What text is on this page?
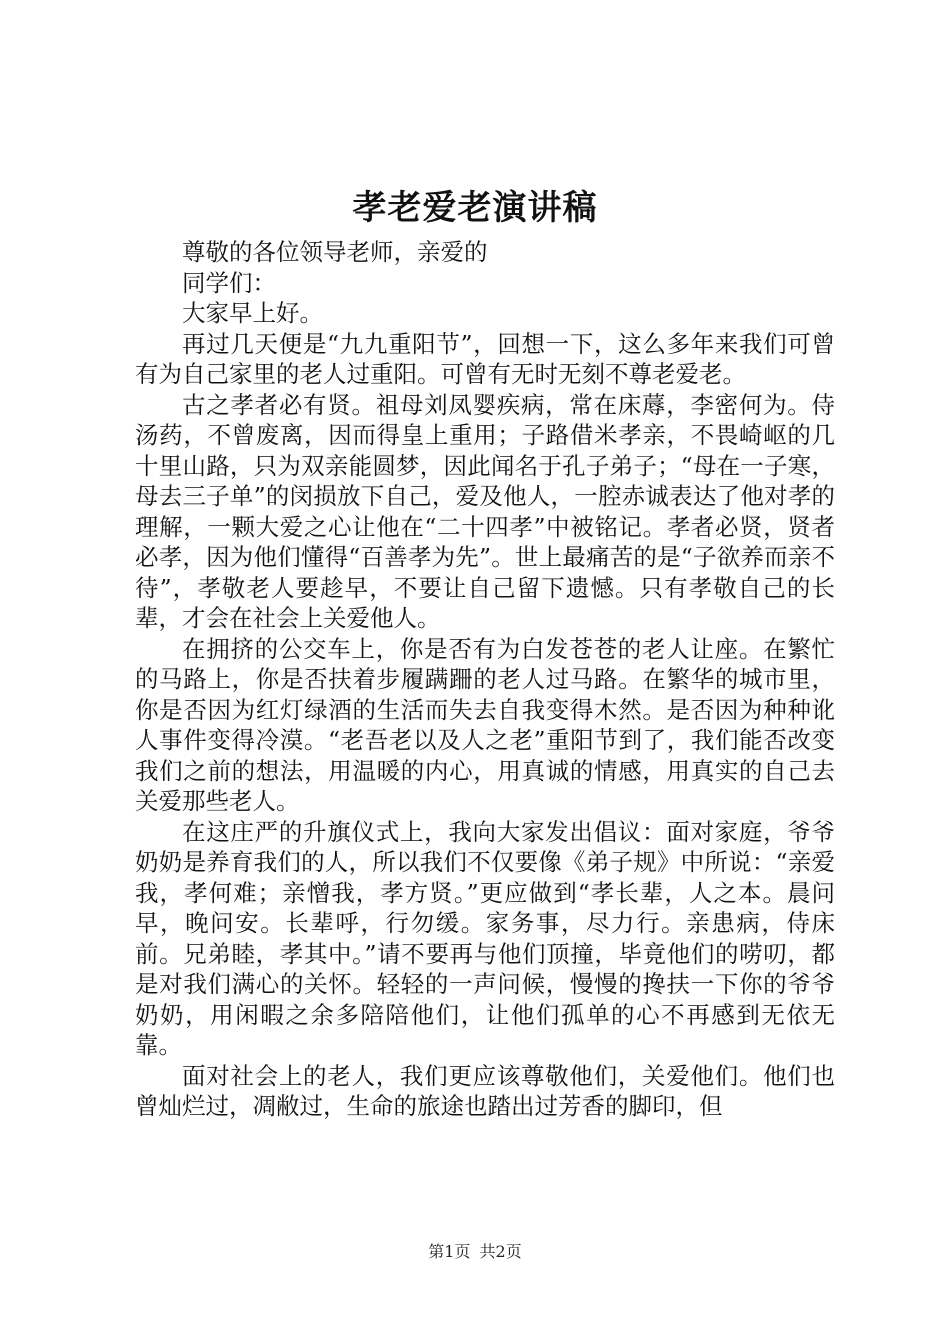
孝老爱老演讲稿

尊敬的各位领导老师，亲爱的

同学们：

大家早上好。

再过几天便是“九九重阳节”，回想一下，这么多年来我们可曾有为自己家里的老人过重阳。可曾有无时无刻不尊老爱老。

古之孝者必有贤。祖母刘凤婴疾病，常在床蓐，李密何为。侍汤药，不曾废离，因而得皇上重用；子路借米孝亲，不畏崎岖的几十里山路，只为双亲能圆梦，因此闻名于孔子弟子；“母在一子寒，母去三子单”的闵损放下自己，爱及他人，一腔赤诚表达了他对孝的理解，一颗大爱之心让他在“二十四孝”中被铭记。孝者必贤，贤者必孝，因为他们懂得“百善孝为先”。世上最痛苦的是“子欲养而亲不待”，孝敬老人要趁早，不要让自己留下遗憾。只有孝敬自己的长辈，才会在社会上关爱他人。

在拥挤的公交车上，你是否有为白发苍苍的老人让座。在繁忙的马路上，你是否扶着步履蹒跚的老人过马路。在繁华的城市里，你是否因为红灯绿酒的生活而失去自我变得木然。是否因为种种讹人事件变得冷漠。“老吾老以及人之老”重阳节到了，我们能否改变我们之前的想法，用温暖的内心，用真诚的情感，用真实的自己去关爱那些老人。

在这庄严的升旗仪式上，我向大家发出倡议：面对家庭，爷爷奶奶是养育我们的人，所以我们不仅要像《弟子规》中所说：“亲爱我，孝何难；亲憎我，孝方贤。”更应做到“孝长辈，人之本。晨问早，晚问安。长辈呼，行勿缓。家务事，尽力行。亲患病，侍床前。兄弟睦，孝其中。”请不要再与他们顶撞，毕竟他们的唠叨，都是对我们满心的关怀。轻轻的一声问候，慢慢的搀扶一下你的爷爷奶奶，用闲暇之余多陪陪他们，让他们孤单的心不再感到无依无靠。

面对社会上的老人，我们更应该尊敬他们，关爱他们。他们也曾灿烂过，凋敝过，生命的旅途也踏出过芳香的脚印，但

第1页 共2页
